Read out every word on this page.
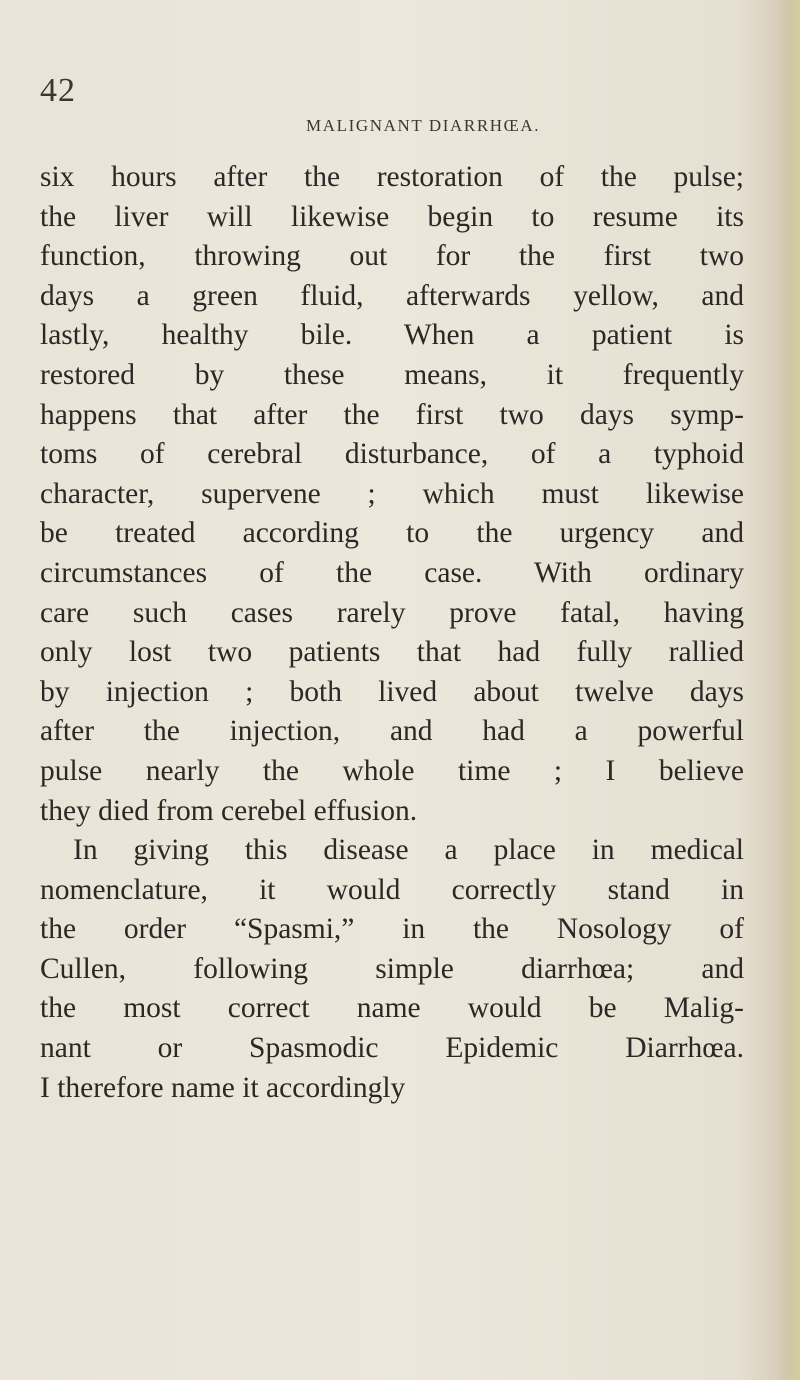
42
MALIGNANT DIARRHŒA.
six hours after the restoration of the pulse;
the liver will likewise begin to resume its
function, throwing out for the first two
days a green fluid, afterwards yellow, and
lastly, healthy bile. When a patient is
restored by these means, it frequently
happens that after the first two days symp-
toms of cerebral disturbance, of a typhoid
character, supervene ; which must likewise
be treated according to the urgency and
circumstances of the case. With ordinary
care such cases rarely prove fatal, having
only lost two patients that had fully rallied
by injection ; both lived about twelve days
after the injection, and had a powerful
pulse nearly the whole time ; I believe
they died from cerebel effusion.
In giving this disease a place in medical
nomenclature, it would correctly stand in
the order “Spasmi,” in the Nosology of
Cullen, following simple diarrhœa; and
the most correct name would be Malig-
nant or Spasmodic Epidemic Diarrhœa.
I therefore name it accordingly
